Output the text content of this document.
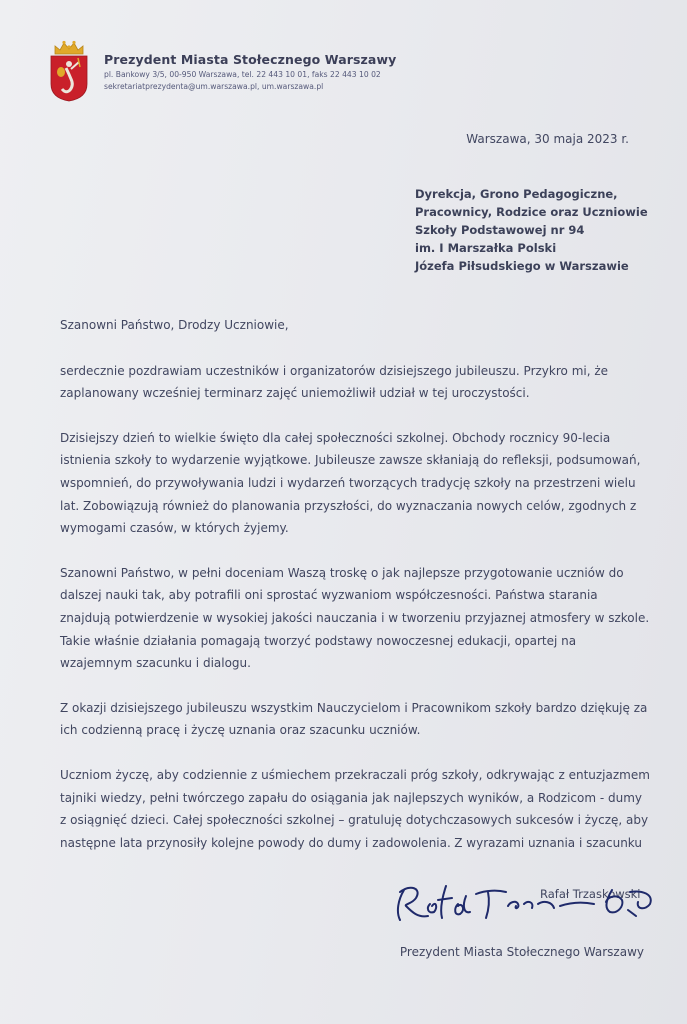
Prezydent Miasta Stołecznego Warszawy
pl. Bankowy 3/5, 00-950 Warszawa, tel. 22 443 10 01, faks 22 443 10 02
sekretariatprezydenta@um.warszawa.pl, um.warszawa.pl
Warszawa, 30 maja 2023 r.
Dyrekcja, Grono Pedagogiczne,
Pracownicy, Rodzice oraz Uczniowie
Szkoły Podstawowej nr 94
im. I Marszałka Polski
Józefa Piłsudskiego w Warszawie

Szanowni Państwo, Drodzy Uczniowie,

serdecznie pozdrawiam uczestników i organizatorów dzisiejszego jubileuszu. Przykro mi, że zaplanowany wcześniej terminarz zajęć uniemożliwił udział w tej uroczystości.

Dzisiejszy dzień to wielkie święto dla całej społeczności szkolnej. Obchody rocznicy 90-lecia istnienia szkoły to wydarzenie wyjątkowe. Jubileusze zawsze skłaniają do refleksji, podsumowań, wspomnień, do przywoływania ludzi i wydarzeń tworzących tradycję szkoły na przestrzeni wielu lat. Zobowiązują również do planowania przyszłości, do wyznaczania nowych celów, zgodnych z wymogami czasów, w których żyjemy.

Szanowni Państwo, w pełni doceniam Waszą troskę o jak najlepsze przygotowanie uczniów do dalszej nauki tak, aby potrafili oni sprostać wyzwaniom współczesności. Państwa starania znajdują potwierdzenie w wysokiej jakości nauczania i w tworzeniu przyjaznej atmosfery w szkole. Takie właśnie działania pomagają tworzyć podstawy nowoczesnej edukacji, opartej na wzajemnym szacunku i dialogu.

Z okazji dzisiejszego jubileuszu wszystkim Nauczycielom i Pracownikom szkoły bardzo dziękuję za ich codzienną pracę i życzę uznania oraz szacunku uczniów.

Uczniom życzę, aby codziennie z uśmiechem przekraczali próg szkoły, odkrywając z entuzjazmem tajniki wiedzy, pełni twórczego zapału do osiągania jak najlepszych wyników, a Rodzicom - dumy z osiągnięć dzieci. Całej społeczności szkolnej – gratuluję dotychczasowych sukcesów i życzę, aby następne lata przynosiły kolejne powody do dumy i zadowolenia. Z wyrazami uznania i szacunku
Rafał Trzaskowski
Prezydent Miasta Stołecznego Warszawy
